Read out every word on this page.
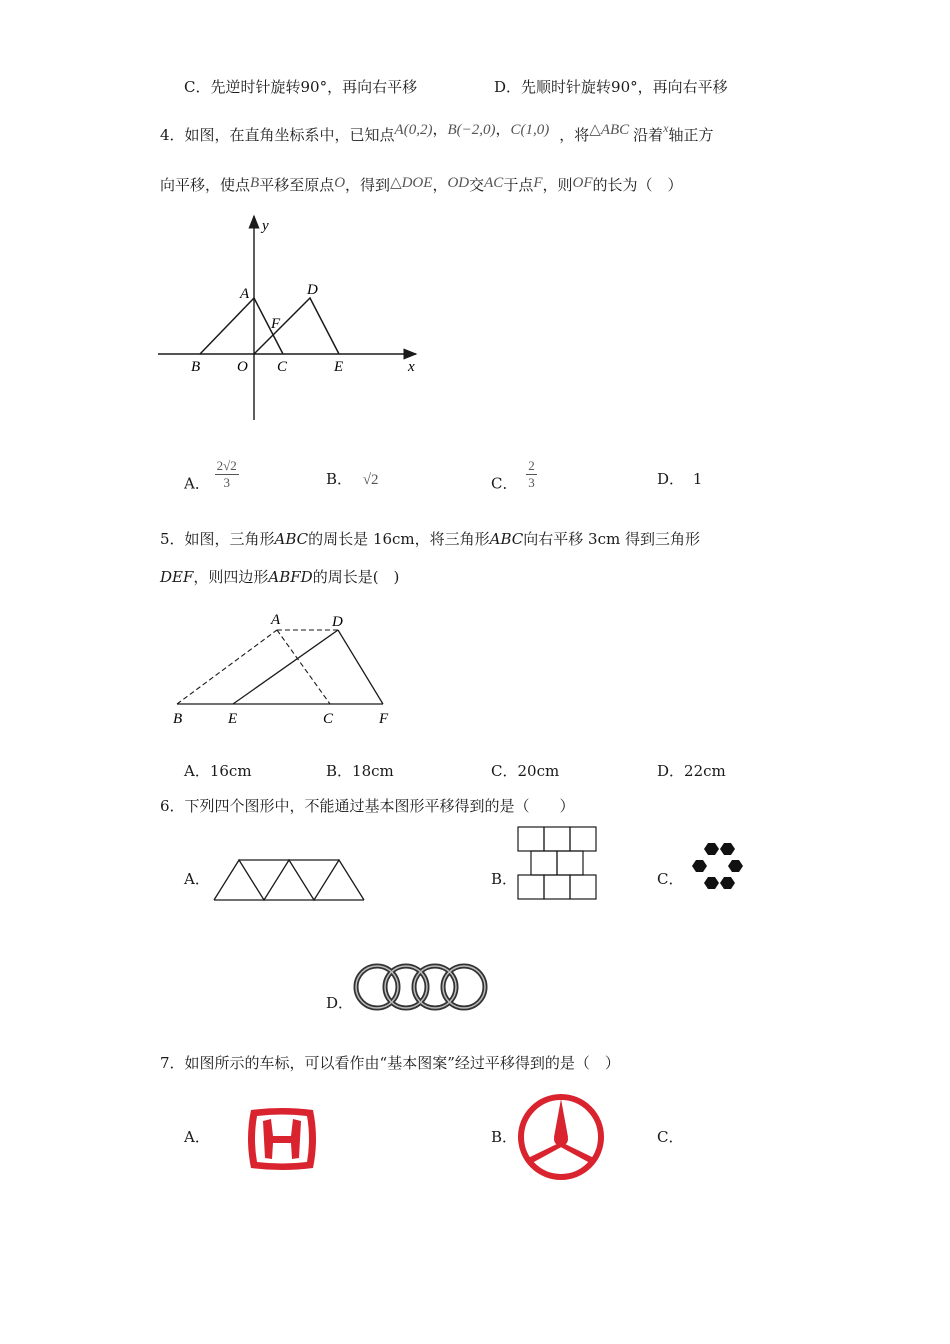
C．先逆时针旋转90°，再向右平移	D．先顺时针旋转90°，再向右平移
4．如图，在直角坐标系中，已知点A(0,2)，B(−2,0)，C(1,0) ，将△ABC 沿着$^x$轴正方
向平移，使点B平移至原点O，得到△DOE，OD交AC于点F，则OF的长为（　）
y
A	D
F
B O C	E	x
A． $\frac{2√2}{3}$	B． √2	C． $\frac{2}{3}$	D． 1
5．如图，三角形ABC的周长是 16cm，将三角形ABC向右平移 3cm 得到三角形
DEF，则四边形ABFD的周长是(　)
A	D
B	E	C	F
A．16cm	B．18cm	C．20cm	D．22cm
6．下列四个图形中，不能通过基本图形平移得到的是（　　）
A．	B．	C．
D．
7．如图所示的车标，可以看作由“基本图案”经过平移得到的是（　）
A．	B．	C．
